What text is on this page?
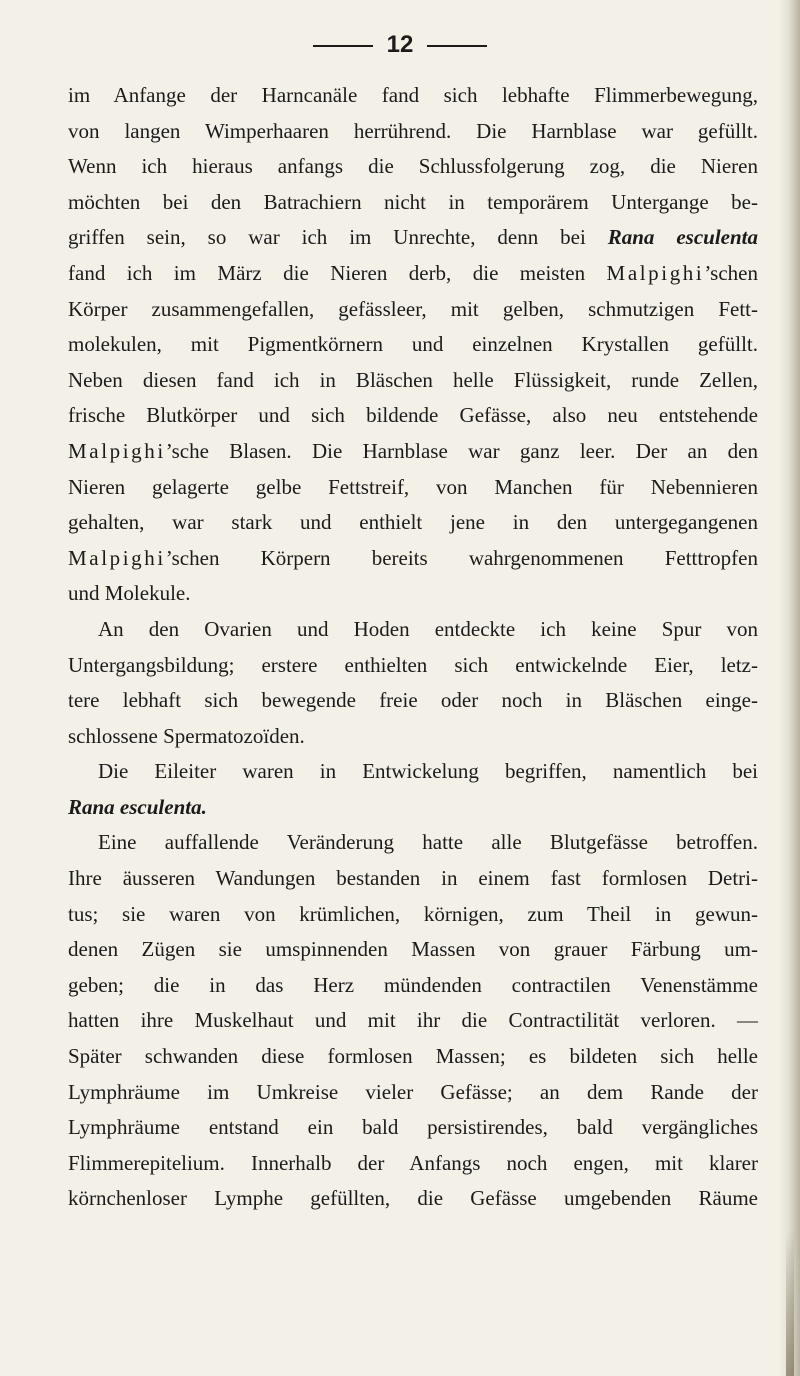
12
im Anfange der Harncanäle fand sich lebhafte Flimmerbewegung,
von langen Wimperhaaren herrührend. Die Harnblase war gefüllt.
Wenn ich hieraus anfangs die Schlussfolgerung zog, die Nieren
möchten bei den Batrachiern nicht in temporärem Untergange be-
griffen sein, so war ich im Unrechte, denn bei Rana esculenta
fand ich im März die Nieren derb, die meisten Malpighi’schen
Körper zusammengefallen, gefässleer, mit gelben, schmutzigen Fett-
molekulen, mit Pigmentkörnern und einzelnen Krystallen gefüllt.
Neben diesen fand ich in Bläschen helle Flüssigkeit, runde Zellen,
frische Blutkörper und sich bildende Gefässe, also neu entstehende
Malpighi’sche Blasen. Die Harnblase war ganz leer. Der an den
Nieren gelagerte gelbe Fettstreif, von Manchen für Nebennieren
gehalten, war stark und enthielt jene in den untergegangenen
Malpighi’schen Körpern bereits wahrgenommenen Fetttropfen
und Molekule.
An den Ovarien und Hoden entdeckte ich keine Spur von
Untergangsbildung; erstere enthielten sich entwickelnde Eier, letz-
tere lebhaft sich bewegende freie oder noch in Bläschen einge-
schlossene Spermatozoïden.
Die Eileiter waren in Entwickelung begriffen, namentlich bei
Rana esculenta.
Eine auffallende Veränderung hatte alle Blutgefässe betroffen.
Ihre äusseren Wandungen bestanden in einem fast formlosen Detri-
tus; sie waren von krümlichen, körnigen, zum Theil in gewun-
denen Zügen sie umspinnenden Massen von grauer Färbung um-
geben; die in das Herz mündenden contractilen Venenstämme
hatten ihre Muskelhaut und mit ihr die Contractilität verloren. —
Später schwanden diese formlosen Massen; es bildeten sich helle
Lymphräume im Umkreise vieler Gefässe; an dem Rande der
Lymphräume entstand ein bald persistirendes, bald vergängliches
Flimmerepitelium. Innerhalb der Anfangs noch engen, mit klarer
körnchenloser Lymphe gefüllten, die Gefässe umgebenden Räume
